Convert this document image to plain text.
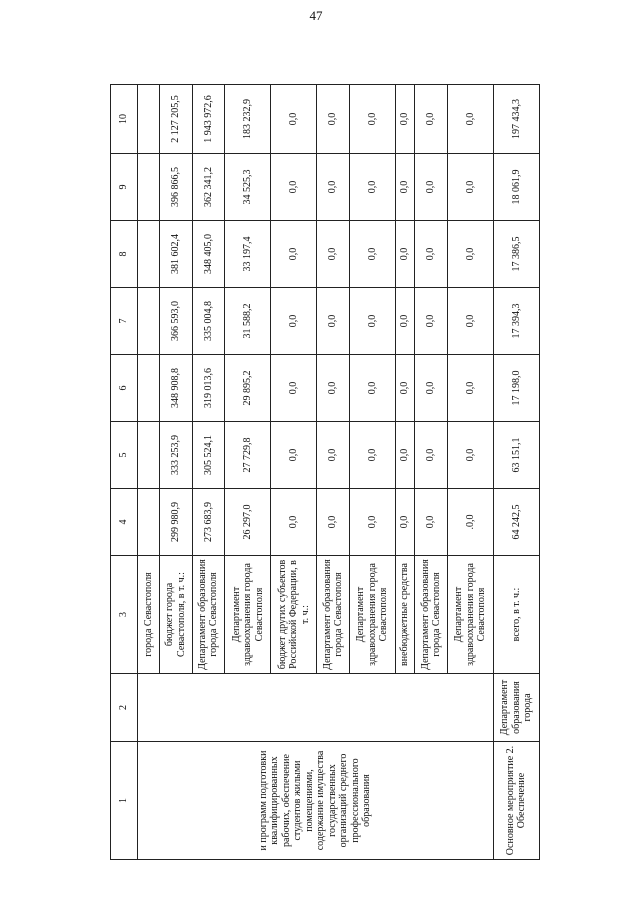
47
1	2	3	4	5	6	7	8	9	10
и программ подготовки квалифицированных рабочих, обеспечение студентов жилыми помещениями, содержание имущества государственных организаций среднего профессионального образования		города Севастополя							
		бюджет города Севастополя, в т. ч.:	299 980,9	333 253,9	348 908,8	366 593,0	381 602,4	396 866,5	2 127 205,5
		Департамент образования города Севастополя	273 683,9	305 524,1	319 013,6	335 004,8	348 405,0	362 341,2	1 943 972,6
		Департамент здравоохранения города Севастополя	26 297,0	27 729,8	29 895,2	31 588,2	33 197,4	34 525,3	183 232,9
		бюджет других субъектов Российской Федерации, в т. ч.:	0,0	0,0	0,0	0,0	0,0	0,0	0,0
		Департамент образования города Севастополя	0,0	0,0	0,0	0,0	0,0	0,0	0,0
		Департамент здравоохранения города Севастополя	0,0	0,0	0,0	0,0	0,0	0,0	0,0
		внебюджетные средства	0,0	0,0	0,0	0,0	0,0	0,0	0,0
		Департамент образования города Севастополя	0,0	0,0	0,0	0,0	0,0	0,0	0,0
		Департамент здравоохранения города Севастополя	.0,0	0,0	0,0	0,0	0,0	0,0	0,0
Основное мероприятие 2. Обеспечение	Департамент образования города	всего, в т. ч.:	64 242,5	63 151,1	17 198,0	17 394,3	17 386,5	18 061,9	197 434,3
